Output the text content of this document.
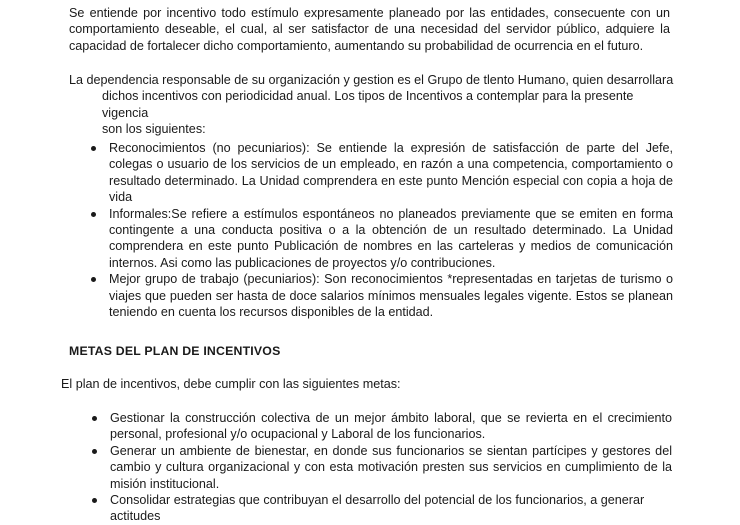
Se entiende por incentivo todo estímulo expresamente planeado por las entidades, consecuente con un comportamiento deseable, el cual, al ser satisfactor de una necesidad del servidor público, adquiere la capacidad de fortalecer dicho comportamiento, aumentando su probabilidad de ocurrencia en el futuro.

La dependencia responsable de su organización y gestion es el Grupo de tlento Humano, quien desarrollara

dichos incentivos con periodicidad anual. Los tipos de Incentivos a contemplar para la presente vigencia

son los siguientes:

Reconocimientos (no pecuniarios): Se entiende la expresión de satisfacción de parte del Jefe, colegas o usuario de los servicios de un empleado, en razón a una competencia, comportamiento o resultado determinado. La Unidad comprendera en este punto Mención especial con copia a hoja de vida

Informales:Se refiere a estímulos espontáneos no planeados previamente que se emiten en forma contingente a una conducta positiva o a la obtención de un resultado determinado. La Unidad comprendera en este punto Publicación de nombres en las carteleras y medios de comunicación internos. Asi como las publicaciones de proyectos y/o contribuciones.

Mejor grupo de trabajo (pecuniarios): Son reconocimientos *representadas en tarjetas de turismo o viajes que pueden ser hasta de doce salarios mínimos mensuales legales vigente. Estos se planean teniendo en cuenta los recursos disponibles de la entidad.

METAS DEL PLAN DE INCENTIVOS

El plan de incentivos, debe cumplir con las siguientes metas:

Gestionar la construcción colectiva de un mejor ámbito laboral, que se revierta en el crecimiento personal, profesional y/o ocupacional y Laboral de los funcionarios.

Generar un ambiente de bienestar, en donde sus funcionarios se sientan partícipes y gestores del cambio y cultura organizacional y con esta motivación presten sus servicios en cumplimiento de la misión institucional.

Consolidar estrategias que contribuyan el desarrollo del potencial de los funcionarios, a generar actitudes
